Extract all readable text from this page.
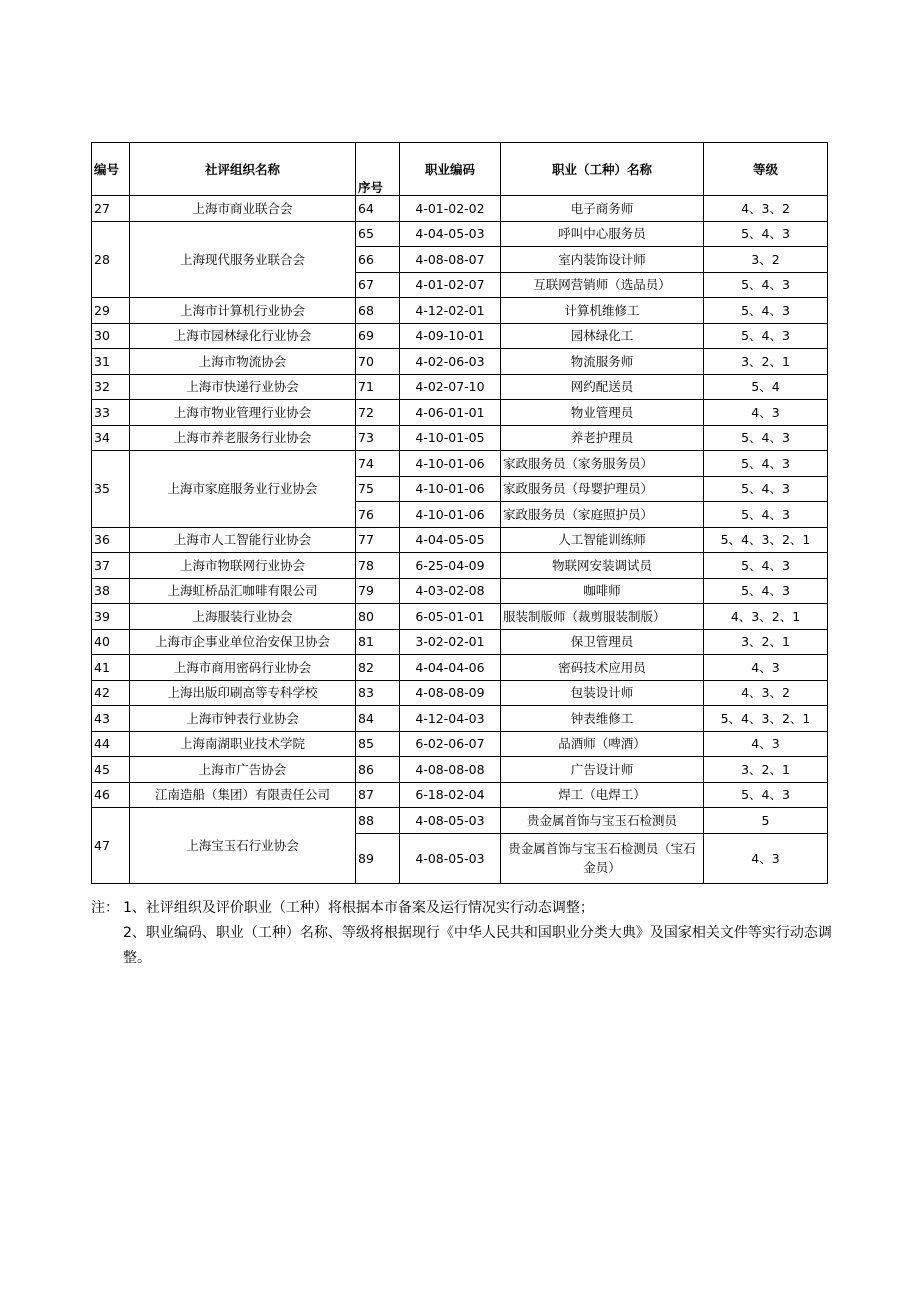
编号	社评组织名称	序号	职业编码	职业（工种）名称	等级
27	上海市商业联合会	64	4-01-02-02	电子商务师	4、3、2
28	上海现代服务业联合会	65	4-04-05-03	呼叫中心服务员	5、4、3
		66	4-08-08-07	室内装饰设计师	3、2
		67	4-01-02-07	互联网营销师（选品员）	5、4、3
29	上海市计算机行业协会	68	4-12-02-01	计算机维修工	5、4、3
30	上海市园林绿化行业协会	69	4-09-10-01	园林绿化工	5、4、3
31	上海市物流协会	70	4-02-06-03	物流服务师	3、2、1
32	上海市快递行业协会	71	4-02-07-10	网约配送员	5、4
33	上海市物业管理行业协会	72	4-06-01-01	物业管理员	4、3
34	上海市养老服务行业协会	73	4-10-01-05	养老护理员	5、4、3
35	上海市家庭服务业行业协会	74	4-10-01-06	家政服务员（家务服务员）	5、4、3
		75	4-10-01-06	家政服务员（母婴护理员）	5、4、3
		76	4-10-01-06	家政服务员（家庭照护员）	5、4、3
36	上海市人工智能行业协会	77	4-04-05-05	人工智能训练师	5、4、3、2、1
37	上海市物联网行业协会	78	6-25-04-09	物联网安装调试员	5、4、3
38	上海虹桥品汇咖啡有限公司	79	4-03-02-08	咖啡师	5、4、3
39	上海服装行业协会	80	6-05-01-01	服装制版师（裁剪服装制版）	4、3、2、1
40	上海市企事业单位治安保卫协会	81	3-02-02-01	保卫管理员	3、2、1
41	上海市商用密码行业协会	82	4-04-04-06	密码技术应用员	4、3
42	上海出版印刷高等专科学校	83	4-08-08-09	包装设计师	4、3、2
43	上海市钟表行业协会	84	4-12-04-03	钟表维修工	5、4、3、2、1
44	上海南湖职业技术学院	85	6-02-06-07	品酒师（啤酒）	4、3
45	上海市广告协会	86	4-08-08-08	广告设计师	3、2、1
46	江南造船（集团）有限责任公司	87	6-18-02-04	焊工（电焊工）	5、4、3
47	上海宝玉石行业协会	88	4-08-05-03	贵金属首饰与宝玉石检测员	5
		89	4-08-05-03	贵金属首饰与宝玉石检测员（宝石金员）	4、3
注： 1、社评组织及评价职业（工种）将根据本市备案及运行情况实行动态调整；
2、职业编码、职业（工种）名称、等级将根据现行《中华人民共和国职业分类大典》及国家相关文件等实行动态调整。
